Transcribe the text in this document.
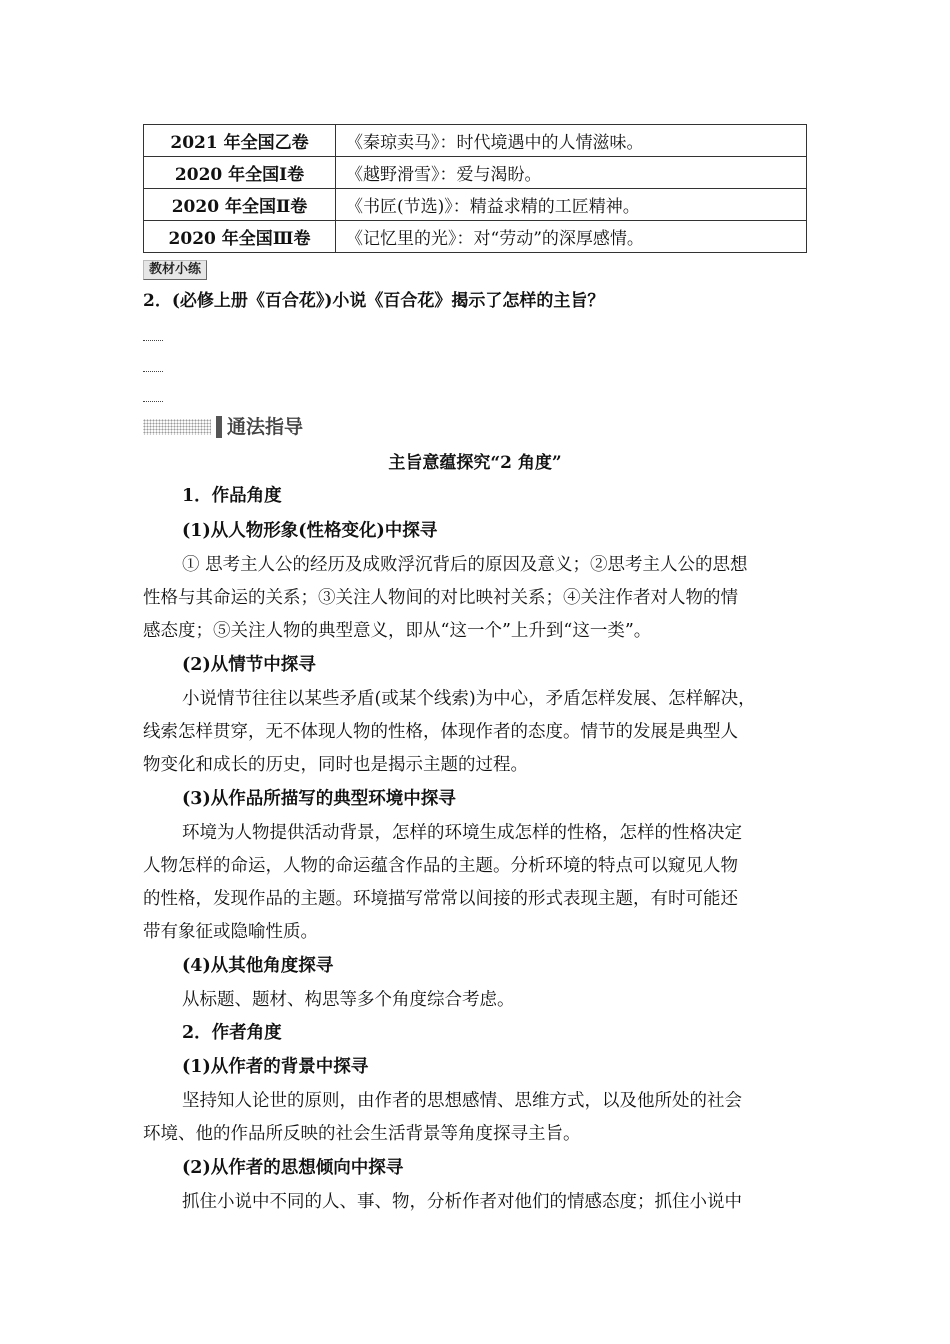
2021 年全国乙卷	《秦琼卖马》：时代境遇中的人情滋味。
2020 年全国Ⅰ卷	《越野滑雪》：爱与渴盼。
2020 年全国Ⅱ卷	《书匠(节选)》：精益求精的工匠精神。
2020 年全国Ⅲ卷	《记忆里的光》：对“劳动”的深厚感情。
教材小练
2．(必修上册《百合花》)小说《百合花》揭示了怎样的主旨？
通法指导
主旨意蕴探究“2 角度”
1．作品角度
(1)从人物形象(性格变化)中探寻
① 思考主人公的经历及成败浮沉背后的原因及意义；②思考主人公的思想
性格与其命运的关系；③关注人物间的对比映衬关系；④关注作者对人物的情
感态度；⑤关注人物的典型意义，即从“这一个”上升到“这一类”。
(2)从情节中探寻
小说情节往往以某些矛盾(或某个线索)为中心，矛盾怎样发展、怎样解决，
线索怎样贯穿，无不体现人物的性格，体现作者的态度。情节的发展是典型人
物变化和成长的历史，同时也是揭示主题的过程。
(3)从作品所描写的典型环境中探寻
环境为人物提供活动背景，怎样的环境生成怎样的性格，怎样的性格决定
人物怎样的命运，人物的命运蕴含作品的主题。分析环境的特点可以窥见人物
的性格，发现作品的主题。环境描写常常以间接的形式表现主题，有时可能还
带有象征或隐喻性质。
(4)从其他角度探寻
从标题、题材、构思等多个角度综合考虑。
2．作者角度
(1)从作者的背景中探寻
坚持知人论世的原则，由作者的思想感情、思维方式，以及他所处的社会
环境、他的作品所反映的社会生活背景等角度探寻主旨。
(2)从作者的思想倾向中探寻
抓住小说中不同的人、事、物，分析作者对他们的情感态度；抓住小说中
